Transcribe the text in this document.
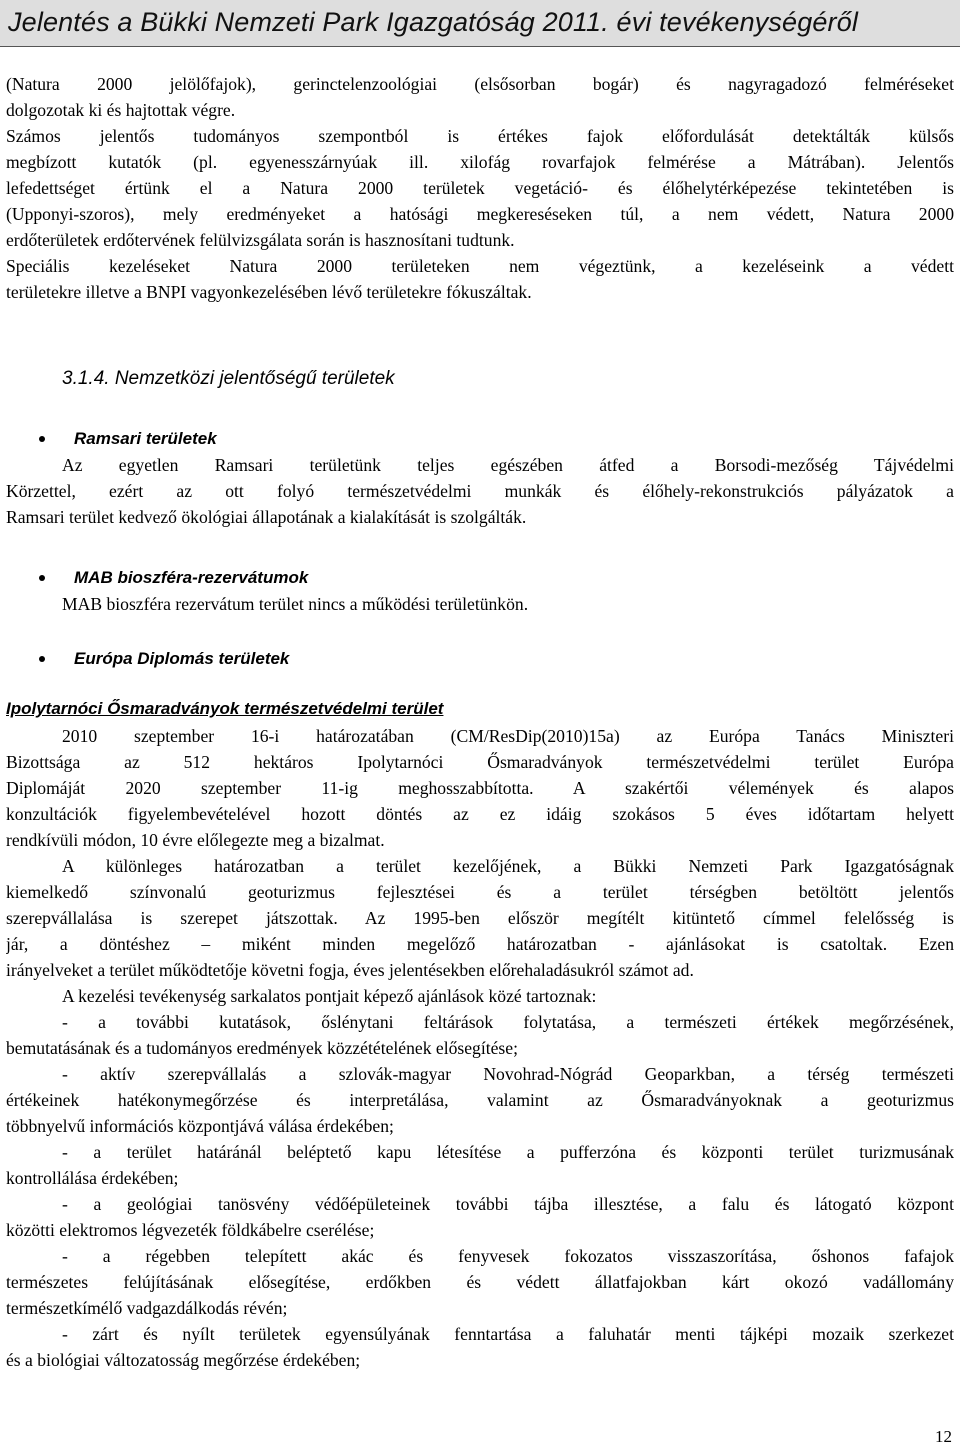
Jelentés a Bükki Nemzeti Park Igazgatóság 2011. évi tevékenységéről
(Natura 2000 jelölőfajok), gerinctelenzoológiai (elsősorban bogár) és nagyragadozó felméréseket
dolgozotak ki és hajtottak végre.
Számos jelentős tudományos szempontból is értékes fajok előfordulását detektálták külsős
megbízott kutatók (pl. egyenesszárnyúak ill. xilofág rovarfajok felmérése a Mátrában). Jelentős
lefedettséget értünk el a Natura 2000 területek vegetáció- és élőhelytérképezése tekintetében is
(Upponyi-szoros), mely eredményeket a hatósági megkereséseken túl, a nem védett, Natura 2000
erdőterületek erdőtervének felülvizsgálata során is hasznosítani tudtunk.
Speciális kezeléseket Natura 2000 területeken nem végeztünk, a kezeléseink a védett
területekre illetve a BNPI vagyonkezelésében lévő területekre fókuszáltak.
3.1.4. Nemzetközi jelentőségű területek
Ramsari területek
Az egyetlen Ramsari területünk teljes egészében átfed a Borsodi-mezőség Tájvédelmi
Körzettel, ezért az ott folyó természetvédelmi munkák és élőhely-rekonstrukciós pályázatok a
Ramsari terület kedvező ökológiai állapotának a kialakítását is szolgálták.
MAB bioszféra-rezervátumok
MAB bioszféra rezervátum terület nincs a működési területünkön.
Európa Diplomás területek
Ipolytarnóci Ősmaradványok természetvédelmi terület
2010 szeptember 16-i határozatában (CM/ResDip(2010)15a) az Európa Tanács Miniszteri
Bizottsága az 512 hektáros Ipolytarnóci Ősmaradványok természetvédelmi terület Európa
Diplomáját 2020 szeptember 11-ig meghosszabbította. A szakértői vélemények és alapos
konzultációk figyelembevételével hozott döntés az ez idáig szokásos 5 éves időtartam helyett
rendkívüli módon, 10 évre előlegezte meg a bizalmat.
A különleges határozatban a terület kezelőjének, a Bükki Nemzeti Park Igazgatóságnak
kiemelkedő színvonalú geoturizmus fejlesztései és a terület térségben betöltött jelentős
szerepvállalása is szerepet játszottak. Az 1995-ben először megítélt kitüntető címmel felelősség is
jár, a döntéshez – miként minden megelőző határozatban - ajánlásokat is csatoltak. Ezen
irányelveket a terület működtetője követni fogja, éves jelentésekben előrehaladásukról számot ad.
A kezelési tevékenység sarkalatos pontjait képező ajánlások közé tartoznak:
- a további kutatások, őslénytani feltárások folytatása, a természeti értékek megőrzésének,
bemutatásának és a tudományos eredmények közzétételének elősegítése;
- aktív szerepvállalás a szlovák-magyar Novohrad-Nógrád Geoparkban, a térség természeti
értékeinek hatékonymegőrzése és interpretálása, valamint az Ősmaradványoknak a geoturizmus
többnyelvű információs központjává válása érdekében;
- a terület határánál beléptető kapu létesítése a pufferzóna és központi terület turizmusának
kontrollálása érdekében;
- a geológiai tanösvény védőépületeinek további tájba illesztése, a falu és látogató központ
közötti elektromos légvezeték földkábelre cserélése;
- a régebben telepített akác és fenyvesek fokozatos visszaszorítása, őshonos fafajok
természetes felújításának elősegítése, erdőkben és védett állatfajokban kárt okozó vadállomány
természetkímélő vadgazdálkodás révén;
- zárt és nyílt területek egyensúlyának fenntartása a faluhatár menti tájképi mozaik szerkezet
és a biológiai változatosság megőrzése érdekében;
12
